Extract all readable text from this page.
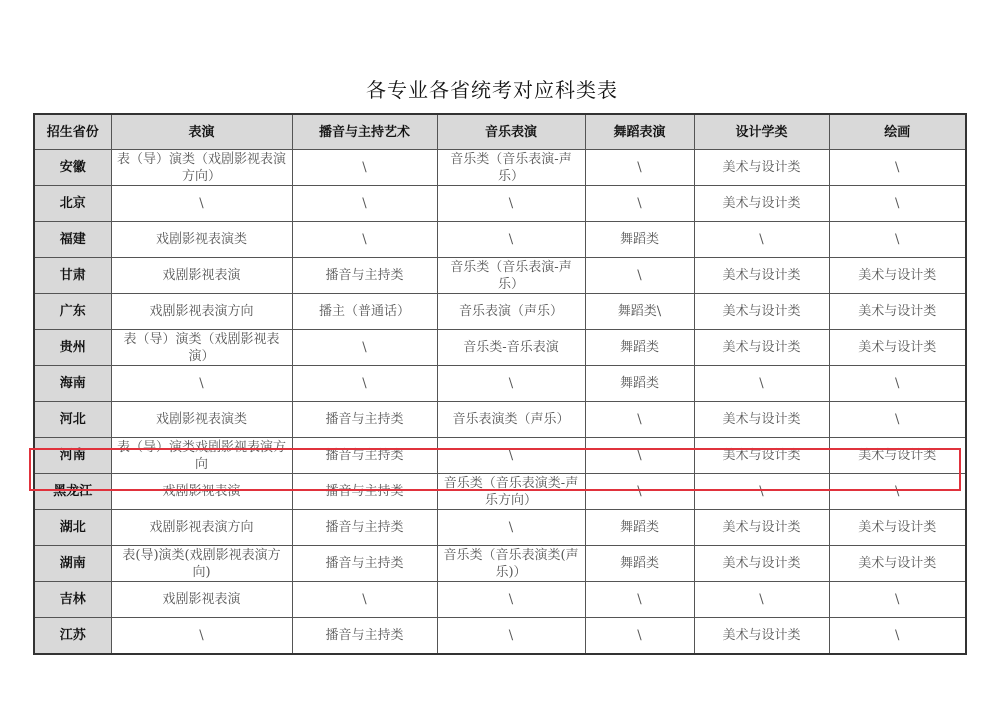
各专业各省统考对应科类表
招生省份	表演	播音与主持艺术	音乐表演	舞蹈表演	设计学类	绘画
安徽	表（导）演类（戏剧影视表演方向）	\	音乐类（音乐表演-声乐）	\	美术与设计类	\
北京	\	\	\	\	美术与设计类	\
福建	戏剧影视表演类	\	\	舞蹈类	\	\
甘肃	戏剧影视表演	播音与主持类	音乐类（音乐表演-声乐）	\	美术与设计类	美术与设计类
广东	戏剧影视表演方向	播主（普通话）	音乐表演（声乐）	舞蹈类\	美术与设计类	美术与设计类
贵州	表（导）演类（戏剧影视表演）	\	音乐类-音乐表演	舞蹈类	美术与设计类	美术与设计类
海南	\	\	\	舞蹈类	\	\
河北	戏剧影视表演类	播音与主持类	音乐表演类（声乐）	\	美术与设计类	\
河南	表（导）演类戏剧影视表演方向	播音与主持类	\	\	美术与设计类	美术与设计类
黑龙江	戏剧影视表演	播音与主持类	音乐类（音乐表演类-声乐方向）	\	\	\
湖北	戏剧影视表演方向	播音与主持类	\	舞蹈类	美术与设计类	美术与设计类
湖南	表(导)演类(戏剧影视表演方向)	播音与主持类	音乐类（音乐表演类(声乐)）	舞蹈类	美术与设计类	美术与设计类
吉林	戏剧影视表演	\	\	\	\	\
江苏	\	播音与主持类	\	\	美术与设计类	\
